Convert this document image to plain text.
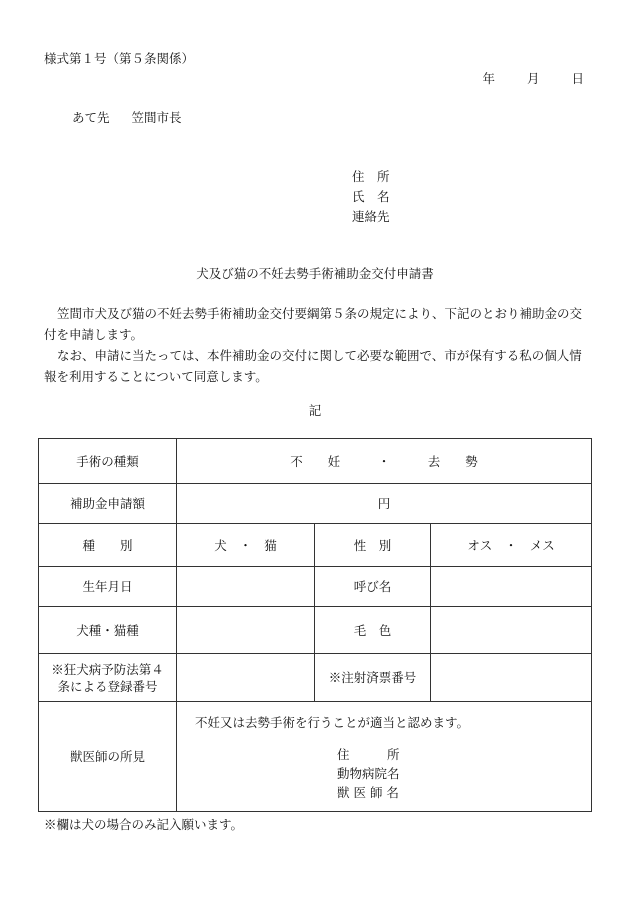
様式第１号（第５条関係）
年	月	日
あて先 笠間市長
住　所
氏　名
連絡先
犬及び猫の不妊去勢手術補助金交付申請書
笠間市犬及び猫の不妊去勢手術補助金交付要綱第５条の規定により、下記のとおり補助金の交付を申請します。
なお、申請に当たっては、本件補助金の交付に関して必要な範囲で、市が保有する私の個人情報を利用することについて同意します。
記
手術の種類	不　　妊　　　・　　　去　　勢		
補助金申請額	円		
種　　別	犬　・　猫	性　別	オス　・　メス
生年月日		呼び名	
犬種・猫種		毛　色	

※狂犬病予防法第４
条による登録番号		※注射済票番号	
獣医師の所見	不妊又は去勢手術を行うことが適当と認めます。
住　　　所
動物病院名
獣 医 師 名		
※欄は犬の場合のみ記入願います。
